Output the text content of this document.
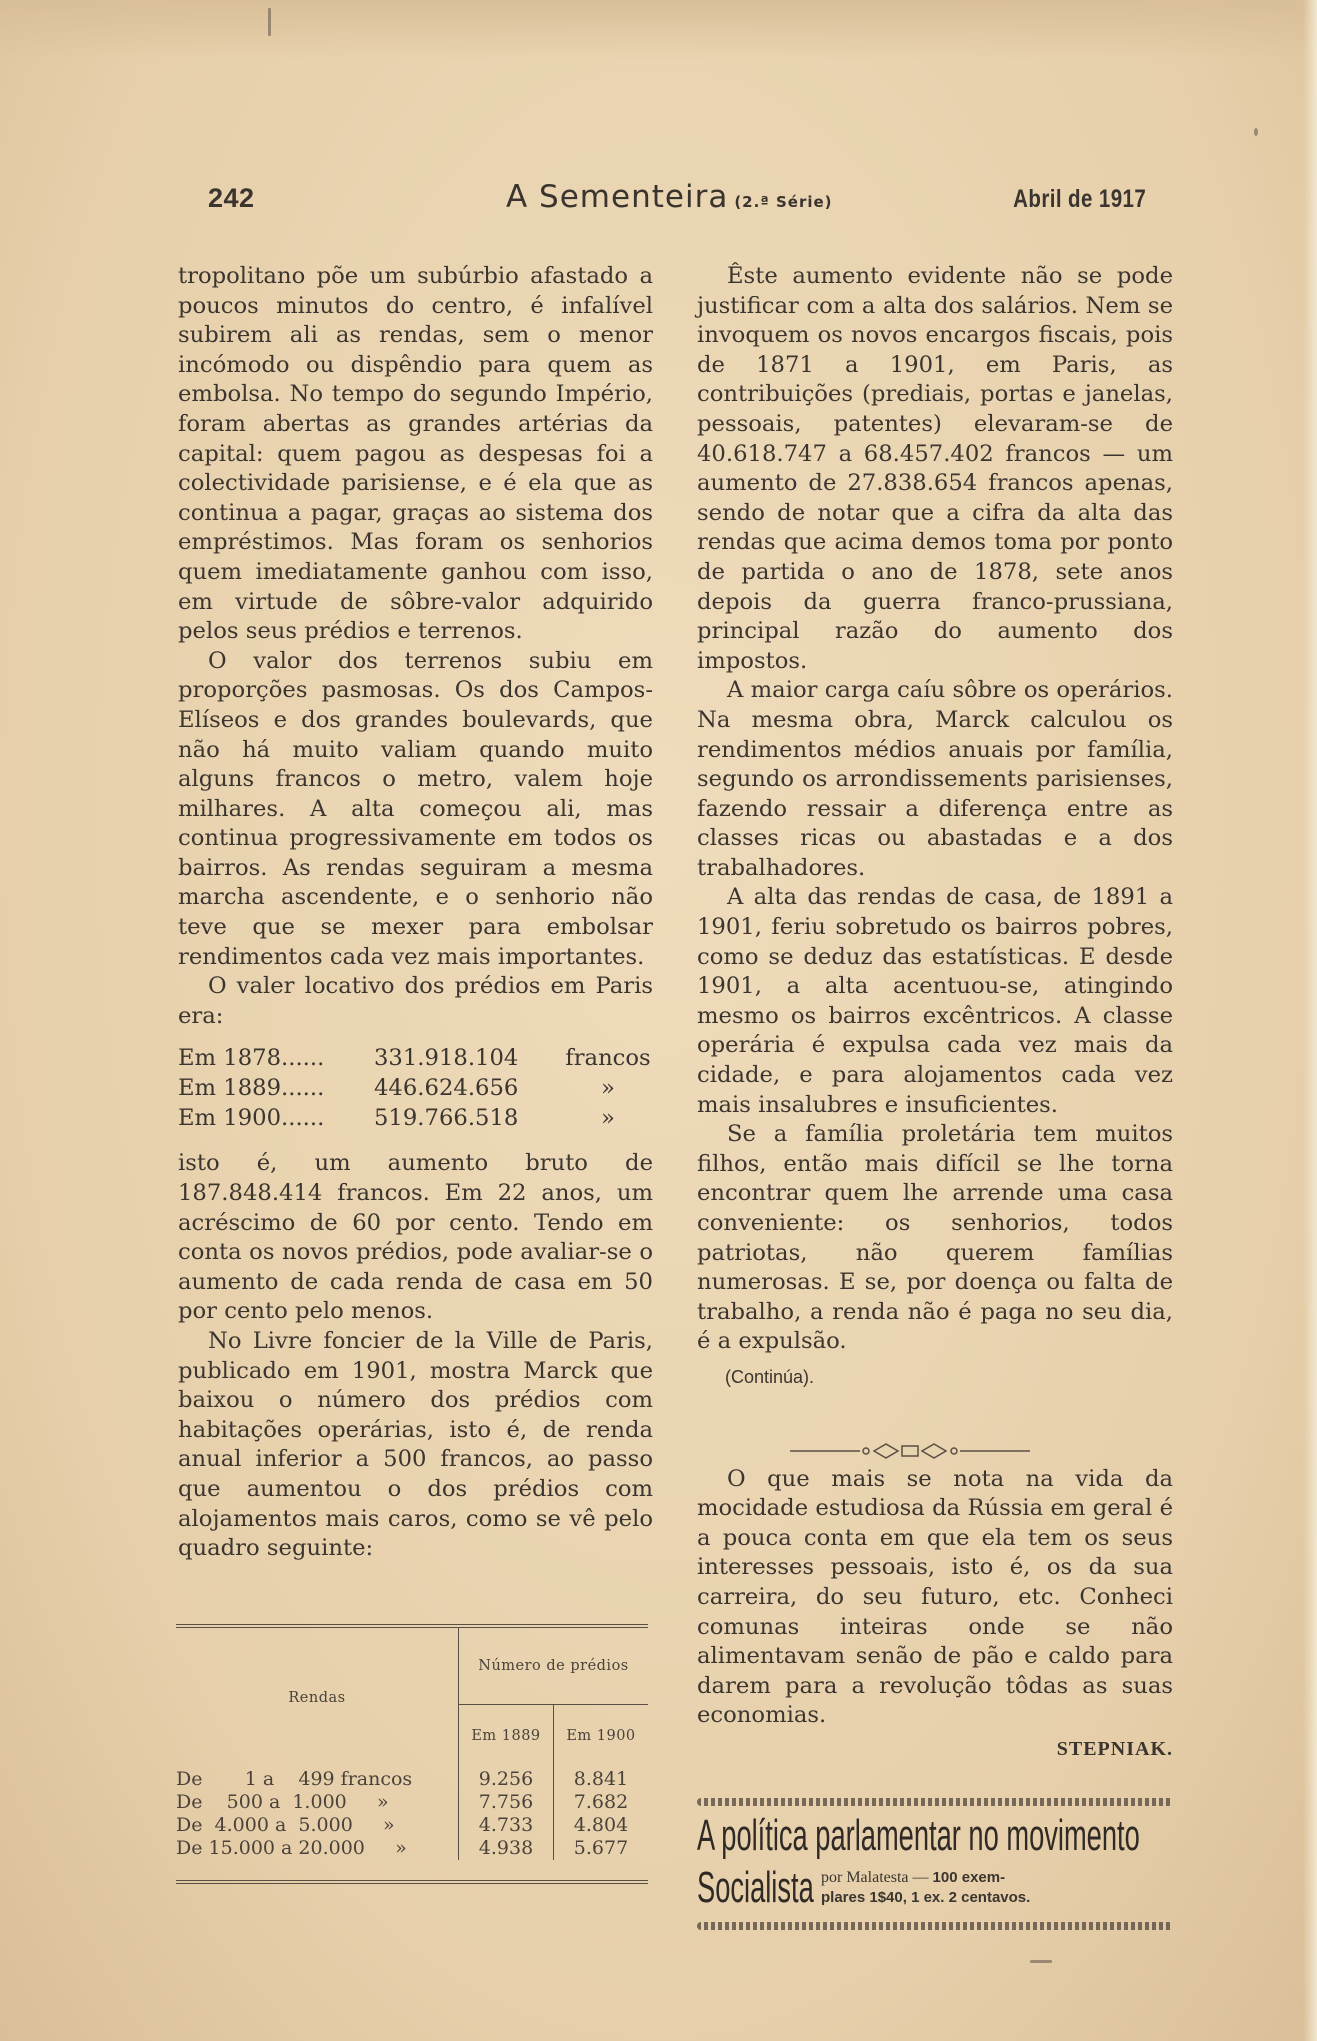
242	A Sementeira (2.ª Série)	Abril de 1917

tropolitano põe um subúrbio afastado a poucos minutos do centro, é infalível subirem ali as rendas, sem o menor incómodo ou dispêndio para quem as embolsa. No tempo do segundo Império, foram abertas as grandes artérias da capital: quem pagou as despesas foi a colectividade parisiense, e é ela que as continua a pagar, graças ao sistema dos empréstimos. Mas foram os senhorios quem imediatamente ganhou com isso, em virtude de sôbre-valor adquirido pelos seus prédios e terrenos.

O valor dos terrenos subiu em proporções pasmosas. Os dos Campos-Elíseos e dos grandes boulevards, que não há muito valiam quando muito alguns francos o metro, valem hoje milhares. A alta começou ali, mas continua progressivamente em todos os bairros. As rendas seguiram a mesma marcha ascendente, e o senhorio não teve que se mexer para embolsar rendimentos cada vez mais importantes.

O valer locativo dos prédios em Paris era:

Em 1878......	331.918.104	francos
Em 1889......	446.624.656	»
Em 1900......	519.766.518	»

isto é, um aumento bruto de 187.848.414 francos. Em 22 anos, um acréscimo de 60 por cento. Tendo em conta os novos prédios, pode avaliar-se o aumento de cada renda de casa em 50 por cento pelo menos.

No Livre foncier de la Ville de Paris, publicado em 1901, mostra Marck que baixou o número dos prédios com habitações operárias, isto é, de renda anual inferior a 500 francos, ao passo que aumentou o dos prédios com alojamentos mais caros, como se vê pelo quadro seguinte:

Rendas	Número de prédios	
	Em 1889	Em 1900
De       1 a    499 francos	9.256	8.841
De    500 a  1.000     »	7.756	7.682
De  4.000 a  5.000     »	4.733	4.804
De 15.000 a 20.000     »	4.938	5.677

Êste aumento evidente não se pode justificar com a alta dos salários. Nem se invoquem os novos encargos fiscais, pois de 1871 a 1901, em Paris, as contribuições (prediais, portas e janelas, pessoais, patentes) elevaram-se de 40.618.747 a 68.457.402 francos — um aumento de 27.838.654 francos apenas, sendo de notar que a cifra da alta das rendas que acima demos toma por ponto de partida o ano de 1878, sete anos depois da guerra franco-prussiana, principal razão do aumento dos impostos.

A maior carga caíu sôbre os operários. Na mesma obra, Marck calculou os rendimentos médios anuais por família, segundo os arrondissements parisienses, fazendo ressair a diferença entre as classes ricas ou abastadas e a dos trabalhadores.

A alta das rendas de casa, de 1891 a 1901, feriu sobretudo os bairros pobres, como se deduz das estatísticas. E desde 1901, a alta acentuou-se, atingindo mesmo os bairros excêntricos. A classe operária é expulsa cada vez mais da cidade, e para alojamentos cada vez mais insalubres e insuficientes.

Se a família proletária tem muitos filhos, então mais difícil se lhe torna encontrar quem lhe arrende uma casa conveniente: os senhorios, todos patriotas, não querem famílias numerosas. E se, por doença ou falta de trabalho, a renda não é paga no seu dia, é a expulsão.

(Continúa).

O que mais se nota na vida da mocidade estudiosa da Rússia em geral é a pouca conta em que ela tem os seus interesses pessoais, isto é, os da sua carreira, do seu futuro, etc. Conheci comunas inteiras onde se não alimentavam senão de pão e caldo para darem para a revolução tôdas as suas economias.

STEPNIAK.
A política parlamentar no movimento
Socialista por Malatesta — 100 exem-
plares 1$40, 1 ex. 2 centavos.
